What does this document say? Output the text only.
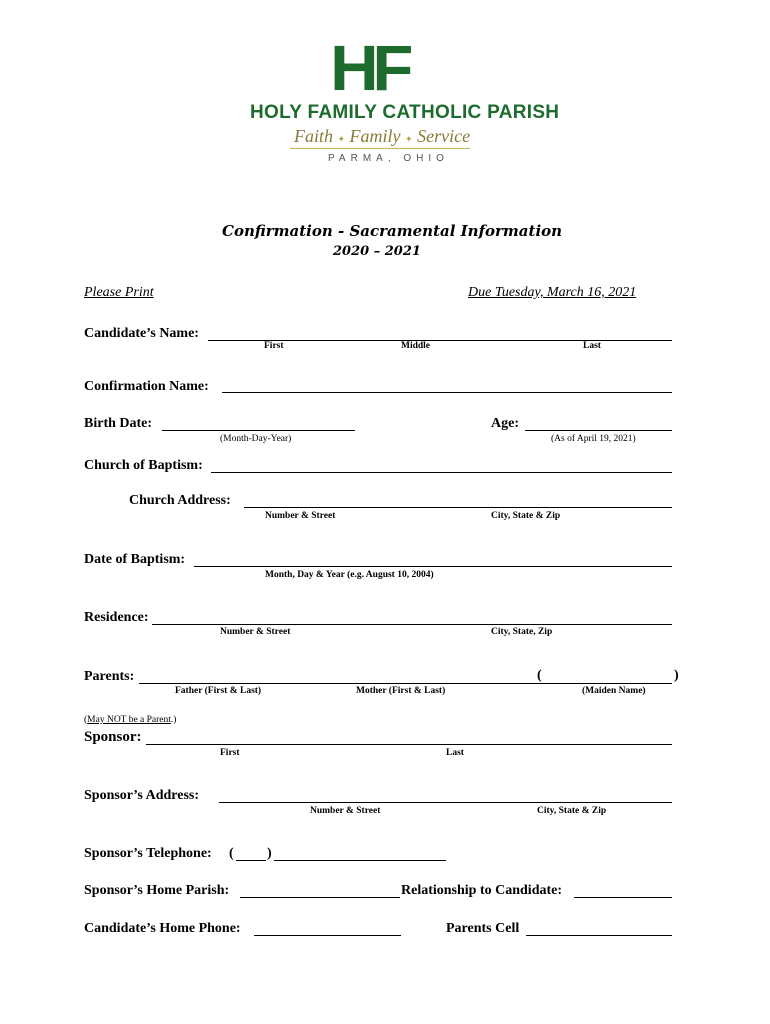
HF
HOLY FAMILY CATHOLIC PARISH
Faith ✦ Family ✦ Service
PARMA, OHIO
Confirmation - Sacramental Information
2020 – 2021
Please Print	Due Tuesday, March 16, 2021
Candidate’s Name:
First	Middle	Last
Confirmation Name:
Birth Date:
(Month-Day-Year)
Age:
(As of April 19, 2021)
Church of Baptism:
Church Address:
Number & Street	City, State & Zip
Date of Baptism:
Month, Day & Year (e.g. August 10, 2004)
Residence:
Number & Street	City, State, Zip
Parents:	(	)
Father (First & Last)	Mother (First & Last)	(Maiden Name)
(May NOT be a Parent.)
Sponsor:
First	Last
Sponsor’s Address:
Number & Street	City, State & Zip
Sponsor’s Telephone: ( )
Sponsor’s Home Parish:	Relationship to Candidate:
Candidate’s Home Phone:	Parents Cell
